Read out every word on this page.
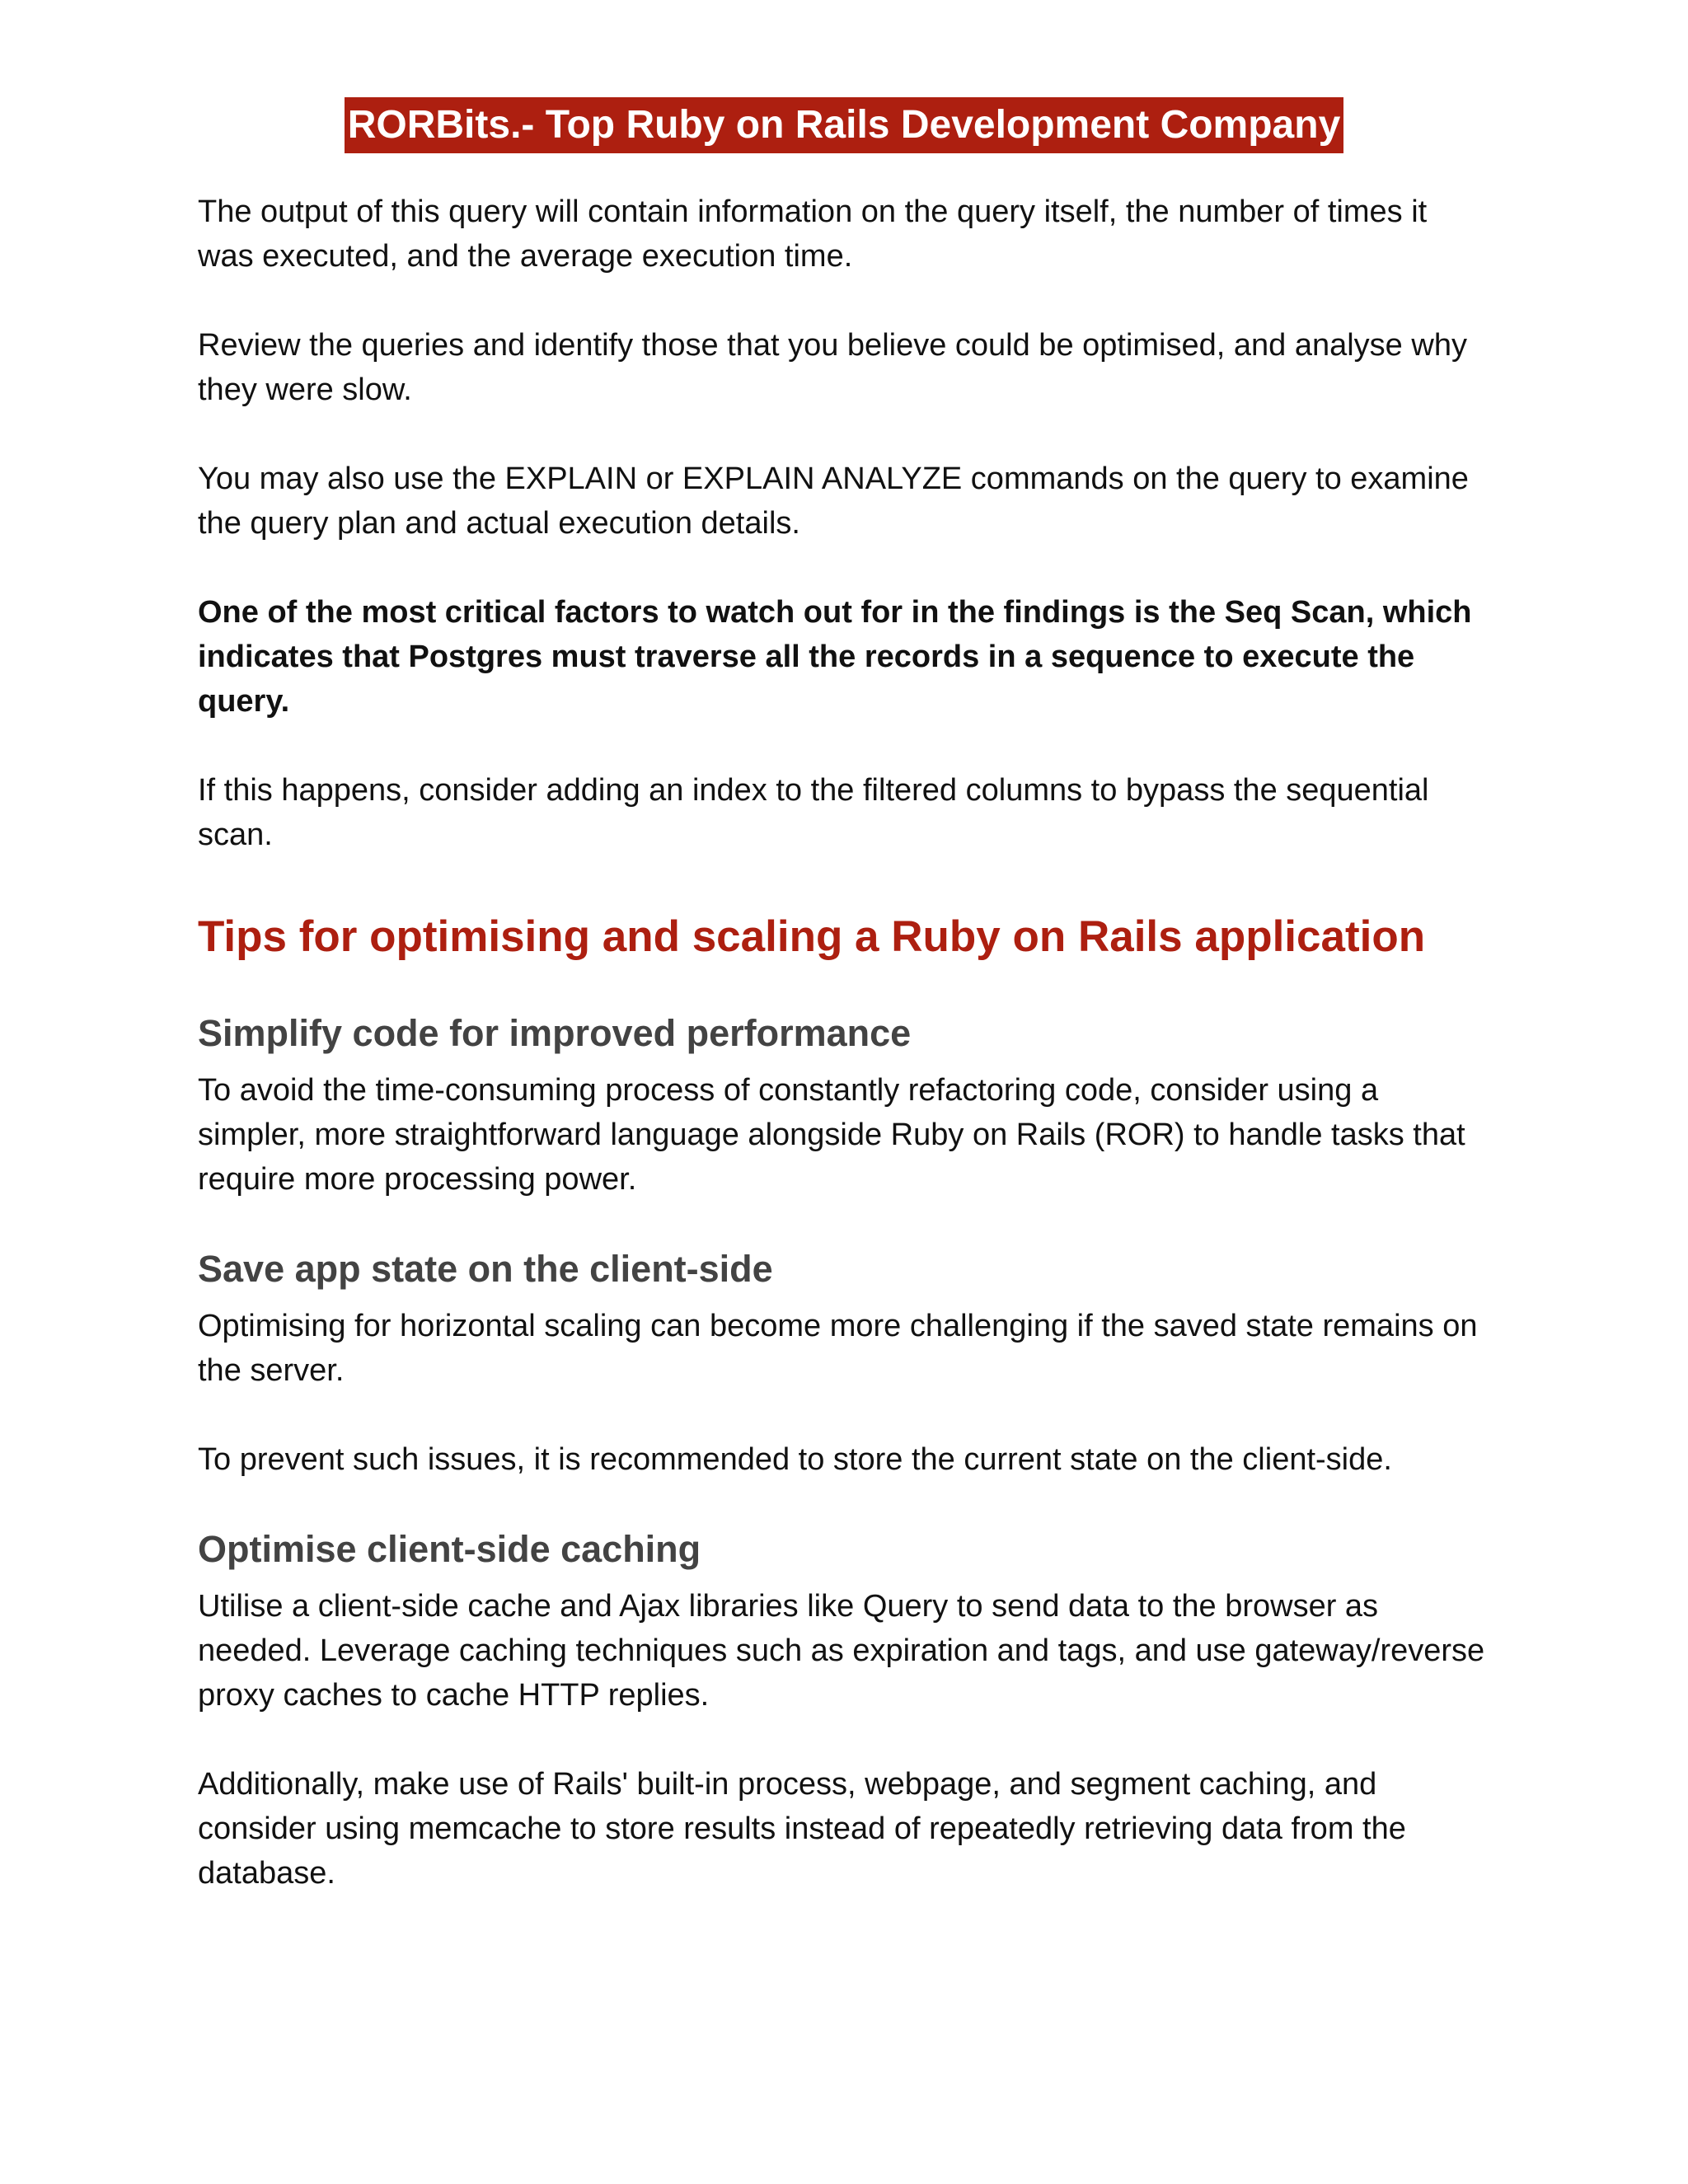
RORBits.- Top Ruby on Rails Development Company

The output of this query will contain information on the query itself, the number of times it was executed, and the average execution time.

Review the queries and identify those that you believe could be optimised, and analyse why they were slow.

You may also use the EXPLAIN or EXPLAIN ANALYZE commands on the query to examine the query plan and actual execution details.

One of the most critical factors to watch out for in the findings is the Seq Scan, which indicates that Postgres must traverse all the records in a sequence to execute the query.

If this happens, consider adding an index to the filtered columns to bypass the sequential scan.

Tips for optimising and scaling a Ruby on Rails application
Simplify code for improved performance

To avoid the time-consuming process of constantly refactoring code, consider using a simpler, more straightforward language alongside Ruby on Rails (ROR) to handle tasks that require more processing power.

Save app state on the client-side

Optimising for horizontal scaling can become more challenging if the saved state remains on the server.

To prevent such issues, it is recommended to store the current state on the client-side.

Optimise client-side caching

Utilise a client-side cache and Ajax libraries like Query to send data to the browser as needed. Leverage caching techniques such as expiration and tags, and use gateway/reverse proxy caches to cache HTTP replies.

Additionally, make use of Rails' built-in process, webpage, and segment caching, and consider using memcache to store results instead of repeatedly retrieving data from the database.
